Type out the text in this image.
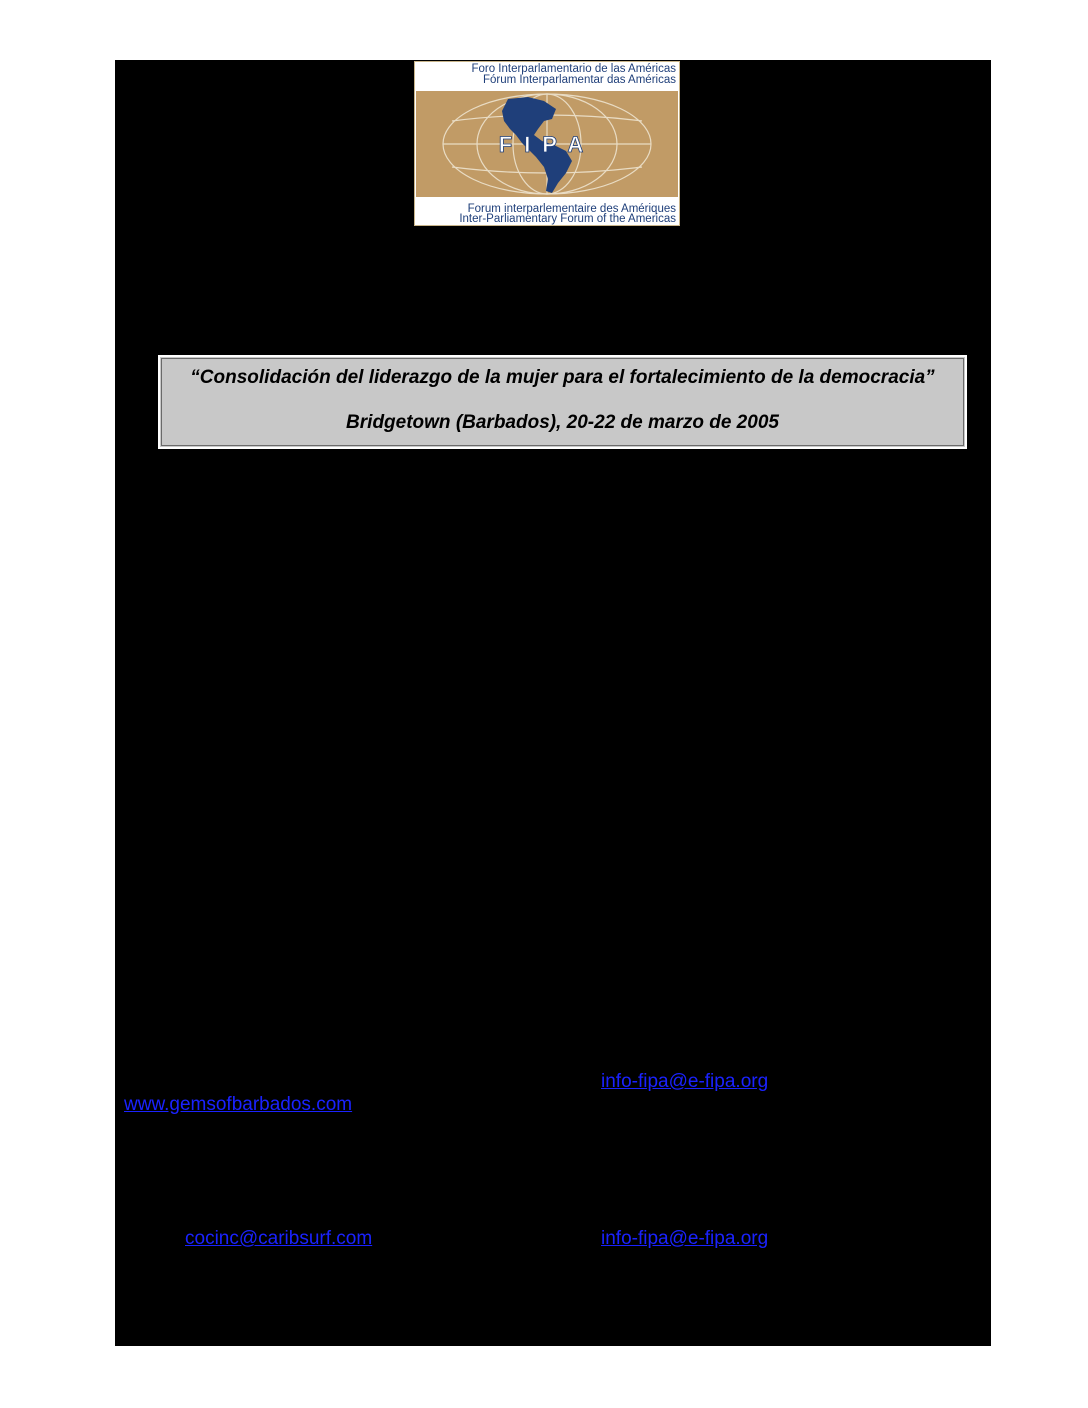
Foro Interparlamentario de las Américas
Fórum Interparlamentar das Américas
FIPA
Forum interparlementaire des Amériques
Inter-Parliamentary Forum of the Americas
“Consolidación del liderazgo de la mujer para el fortalecimiento de la democracia”
Bridgetown (Barbados), 20-22 de marzo de 2005
info-fipa@e-fipa.org
www.gemsofbarbados.com
cocinc@caribsurf.com	info-fipa@e-fipa.org
